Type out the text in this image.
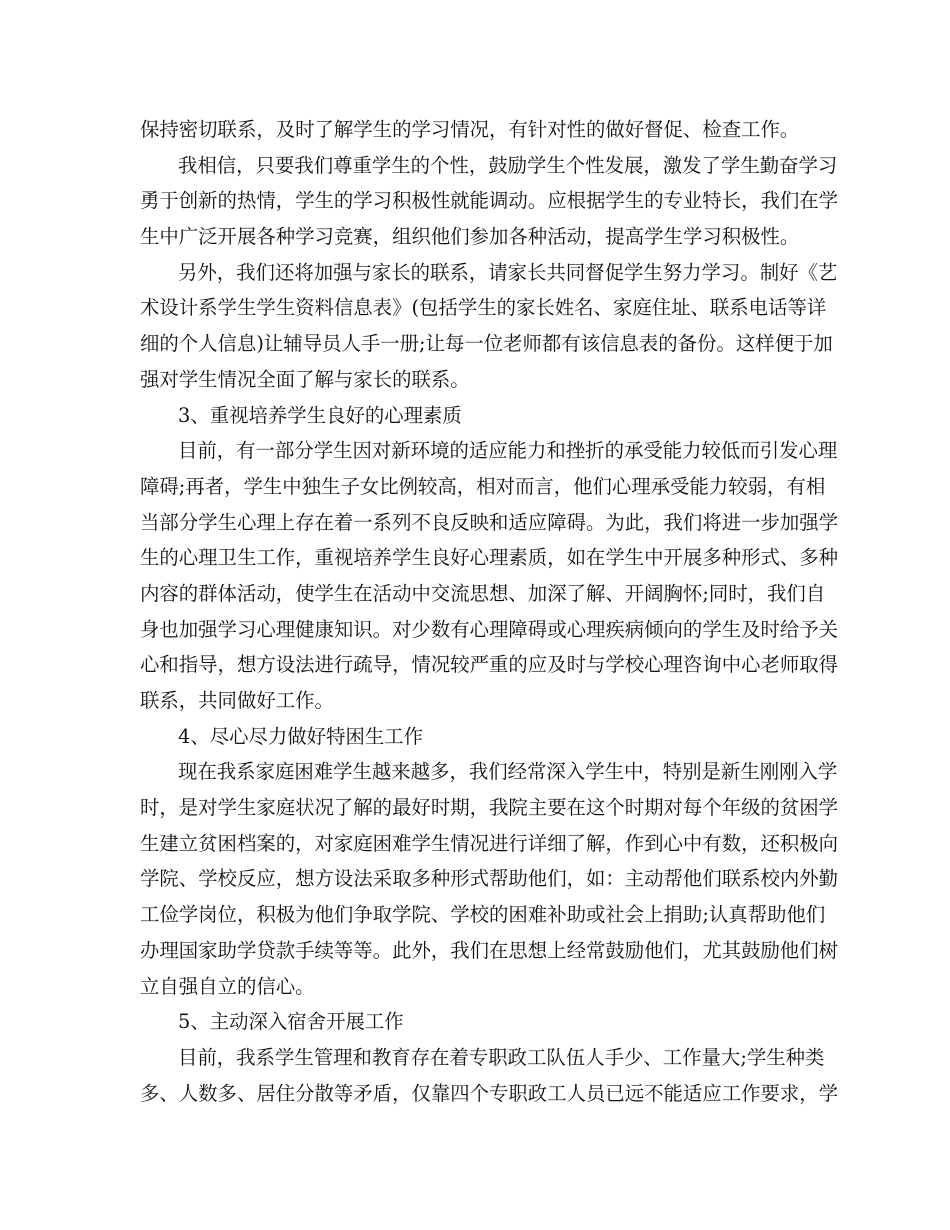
保持密切联系，及时了解学生的学习情况，有针对性的做好督促、检查工作。
我相信，只要我们尊重学生的个性，鼓励学生个性发展，激发了学生勤奋学习
勇于创新的热情，学生的学习积极性就能调动。应根据学生的专业特长，我们在学
生中广泛开展各种学习竞赛，组织他们参加各种活动，提高学生学习积极性。
另外，我们还将加强与家长的联系，请家长共同督促学生努力学习。制好《艺
术设计系学生学生资料信息表》(包括学生的家长姓名、家庭住址、联系电话等详
细的个人信息)让辅导员人手一册;让每一位老师都有该信息表的备份。这样便于加
强对学生情况全面了解与家长的联系。
3、重视培养学生良好的心理素质
目前，有一部分学生因对新环境的适应能力和挫折的承受能力较低而引发心理
障碍;再者，学生中独生子女比例较高，相对而言，他们心理承受能力较弱，有相
当部分学生心理上存在着一系列不良反映和适应障碍。为此，我们将进一步加强学
生的心理卫生工作，重视培养学生良好心理素质，如在学生中开展多种形式、多种
内容的群体活动，使学生在活动中交流思想、加深了解、开阔胸怀;同时，我们自
身也加强学习心理健康知识。对少数有心理障碍或心理疾病倾向的学生及时给予关
心和指导，想方设法进行疏导，情况较严重的应及时与学校心理咨询中心老师取得
联系，共同做好工作。
4、尽心尽力做好特困生工作
现在我系家庭困难学生越来越多，我们经常深入学生中，特别是新生刚刚入学
时，是对学生家庭状况了解的最好时期，我院主要在这个时期对每个年级的贫困学
生建立贫困档案的，对家庭困难学生情况进行详细了解，作到心中有数，还积极向
学院、学校反应，想方设法采取多种形式帮助他们，如：主动帮他们联系校内外勤
工俭学岗位，积极为他们争取学院、学校的困难补助或社会上捐助;认真帮助他们
办理国家助学贷款手续等等。此外，我们在思想上经常鼓励他们，尤其鼓励他们树
立自强自立的信心。
5、主动深入宿舍开展工作
目前，我系学生管理和教育存在着专职政工队伍人手少、工作量大;学生种类
多、人数多、居住分散等矛盾，仅靠四个专职政工人员已远不能适应工作要求，学
